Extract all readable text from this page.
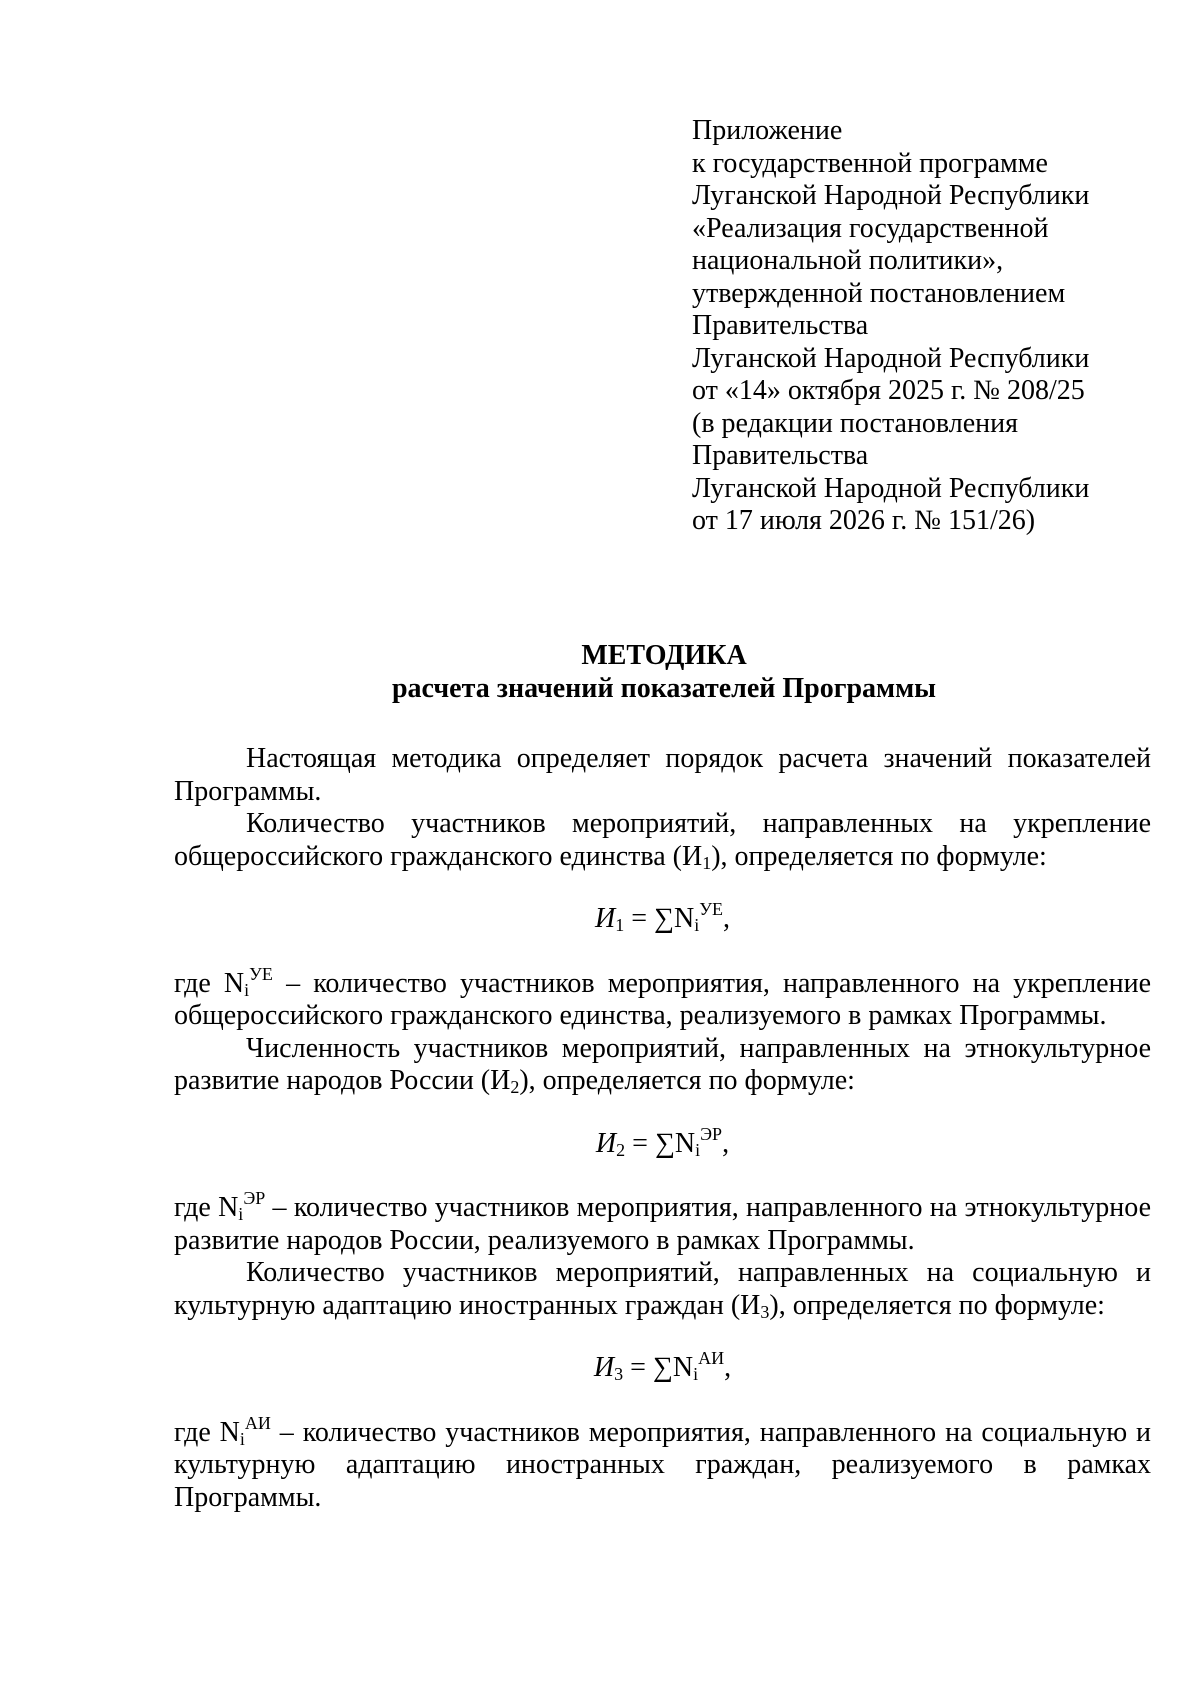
Приложение
к государственной программе
Луганской Народной Республики
«Реализация государственной
национальной политики»,
утвержденной постановлением
Правительства
Луганской Народной Республики
от «14» октября 2025 г. № 208/25
(в редакции постановления
Правительства
Луганской Народной Республики
от 17 июля 2026 г. № 151/26)
МЕТОДИКА
расчета значений показателей Программы

Настоящая методика определяет порядок расчета значений показателей Программы.

Количество участников мероприятий, направленных на укрепление общероссийского гражданского единства $(И_1)$, определяется по формуле:

$И_1 = \sum Ni^{УЕ}$,

где $Ni^{УЕ}$ – количество участников мероприятия, направленного на укрепление общероссийского гражданского единства, реализуемого в рамках Программы.

Численность участников мероприятий, направленных на этнокультурное развитие народов России $(И_2)$, определяется по формуле:

$И_2 = \sum Ni^{ЭР}$,

где $Ni^{ЭР}$ – количество участников мероприятия, направленного на этнокультурное развитие народов России, реализуемого в рамках Программы.

Количество участников мероприятий, направленных на социальную и культурную адаптацию иностранных граждан $(И_3)$, определяется по формуле:

$И_3 = \sum Ni^{АИ}$,

где $Ni^{АИ}$ – количество участников мероприятия, направленного на социальную и культурную адаптацию иностранных граждан, реализуемого в рамках Программы.
